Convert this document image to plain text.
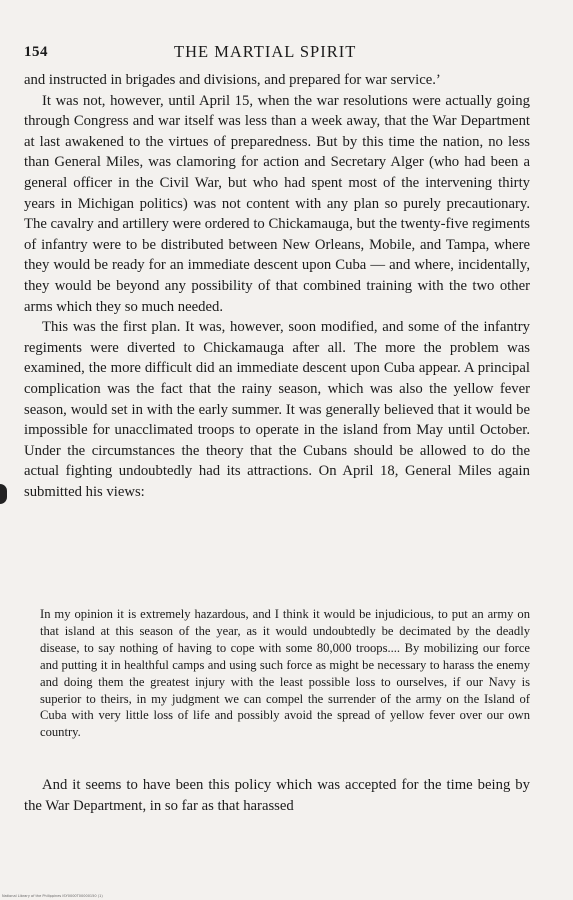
154	THE MARTIAL SPIRIT

and instructed in brigades and divisions, and prepared for war service.’

It was not, however, until April 15, when the war resolutions were actually going through Congress and war itself was less than a week away, that the War Department at last awakened to the virtues of preparedness. But by this time the nation, no less than General Miles, was clamoring for action and Secretary Alger (who had been a general officer in the Civil War, but who had spent most of the intervening thirty years in Michigan politics) was not content with any plan so purely precautionary. The cavalry and artillery were ordered to Chickamauga, but the twenty-five regiments of infantry were to be distributed between New Orleans, Mobile, and Tampa, where they would be ready for an immediate descent upon Cuba — and where, incidentally, they would be beyond any possibility of that combined training with the two other arms which they so much needed.

This was the first plan. It was, however, soon modified, and some of the infantry regiments were diverted to Chickamauga after all. The more the problem was examined, the more difficult did an immediate descent upon Cuba appear. A principal complication was the fact that the rainy season, which was also the yellow fever season, would set in with the early summer. It was generally believed that it would be impossible for unacclimated troops to operate in the island from May until October. Under the circumstances the theory that the Cubans should be allowed to do the actual fighting undoubtedly had its attractions. On April 18, General Miles again submitted his views:

In my opinion it is extremely hazardous, and I think it would be injudicious, to put an army on that island at this season of the year, as it would undoubtedly be decimated by the deadly disease, to say nothing of having to cope with some 80,000 troops.... By mobilizing our force and putting it in healthful camps and using such force as might be necessary to harass the enemy and doing them the greatest injury with the least possible loss to ourselves, if our Navy is superior to theirs, in my judgment we can compel the surrender of the army on the Island of Cuba with very little loss of life and possibly avoid the spread of yellow fever over our own country.

And it seems to have been this policy which was accepted for the time being by the War Department, in so far as that harassed

National Library of the Philippines ISY0000T00000150 (1)
